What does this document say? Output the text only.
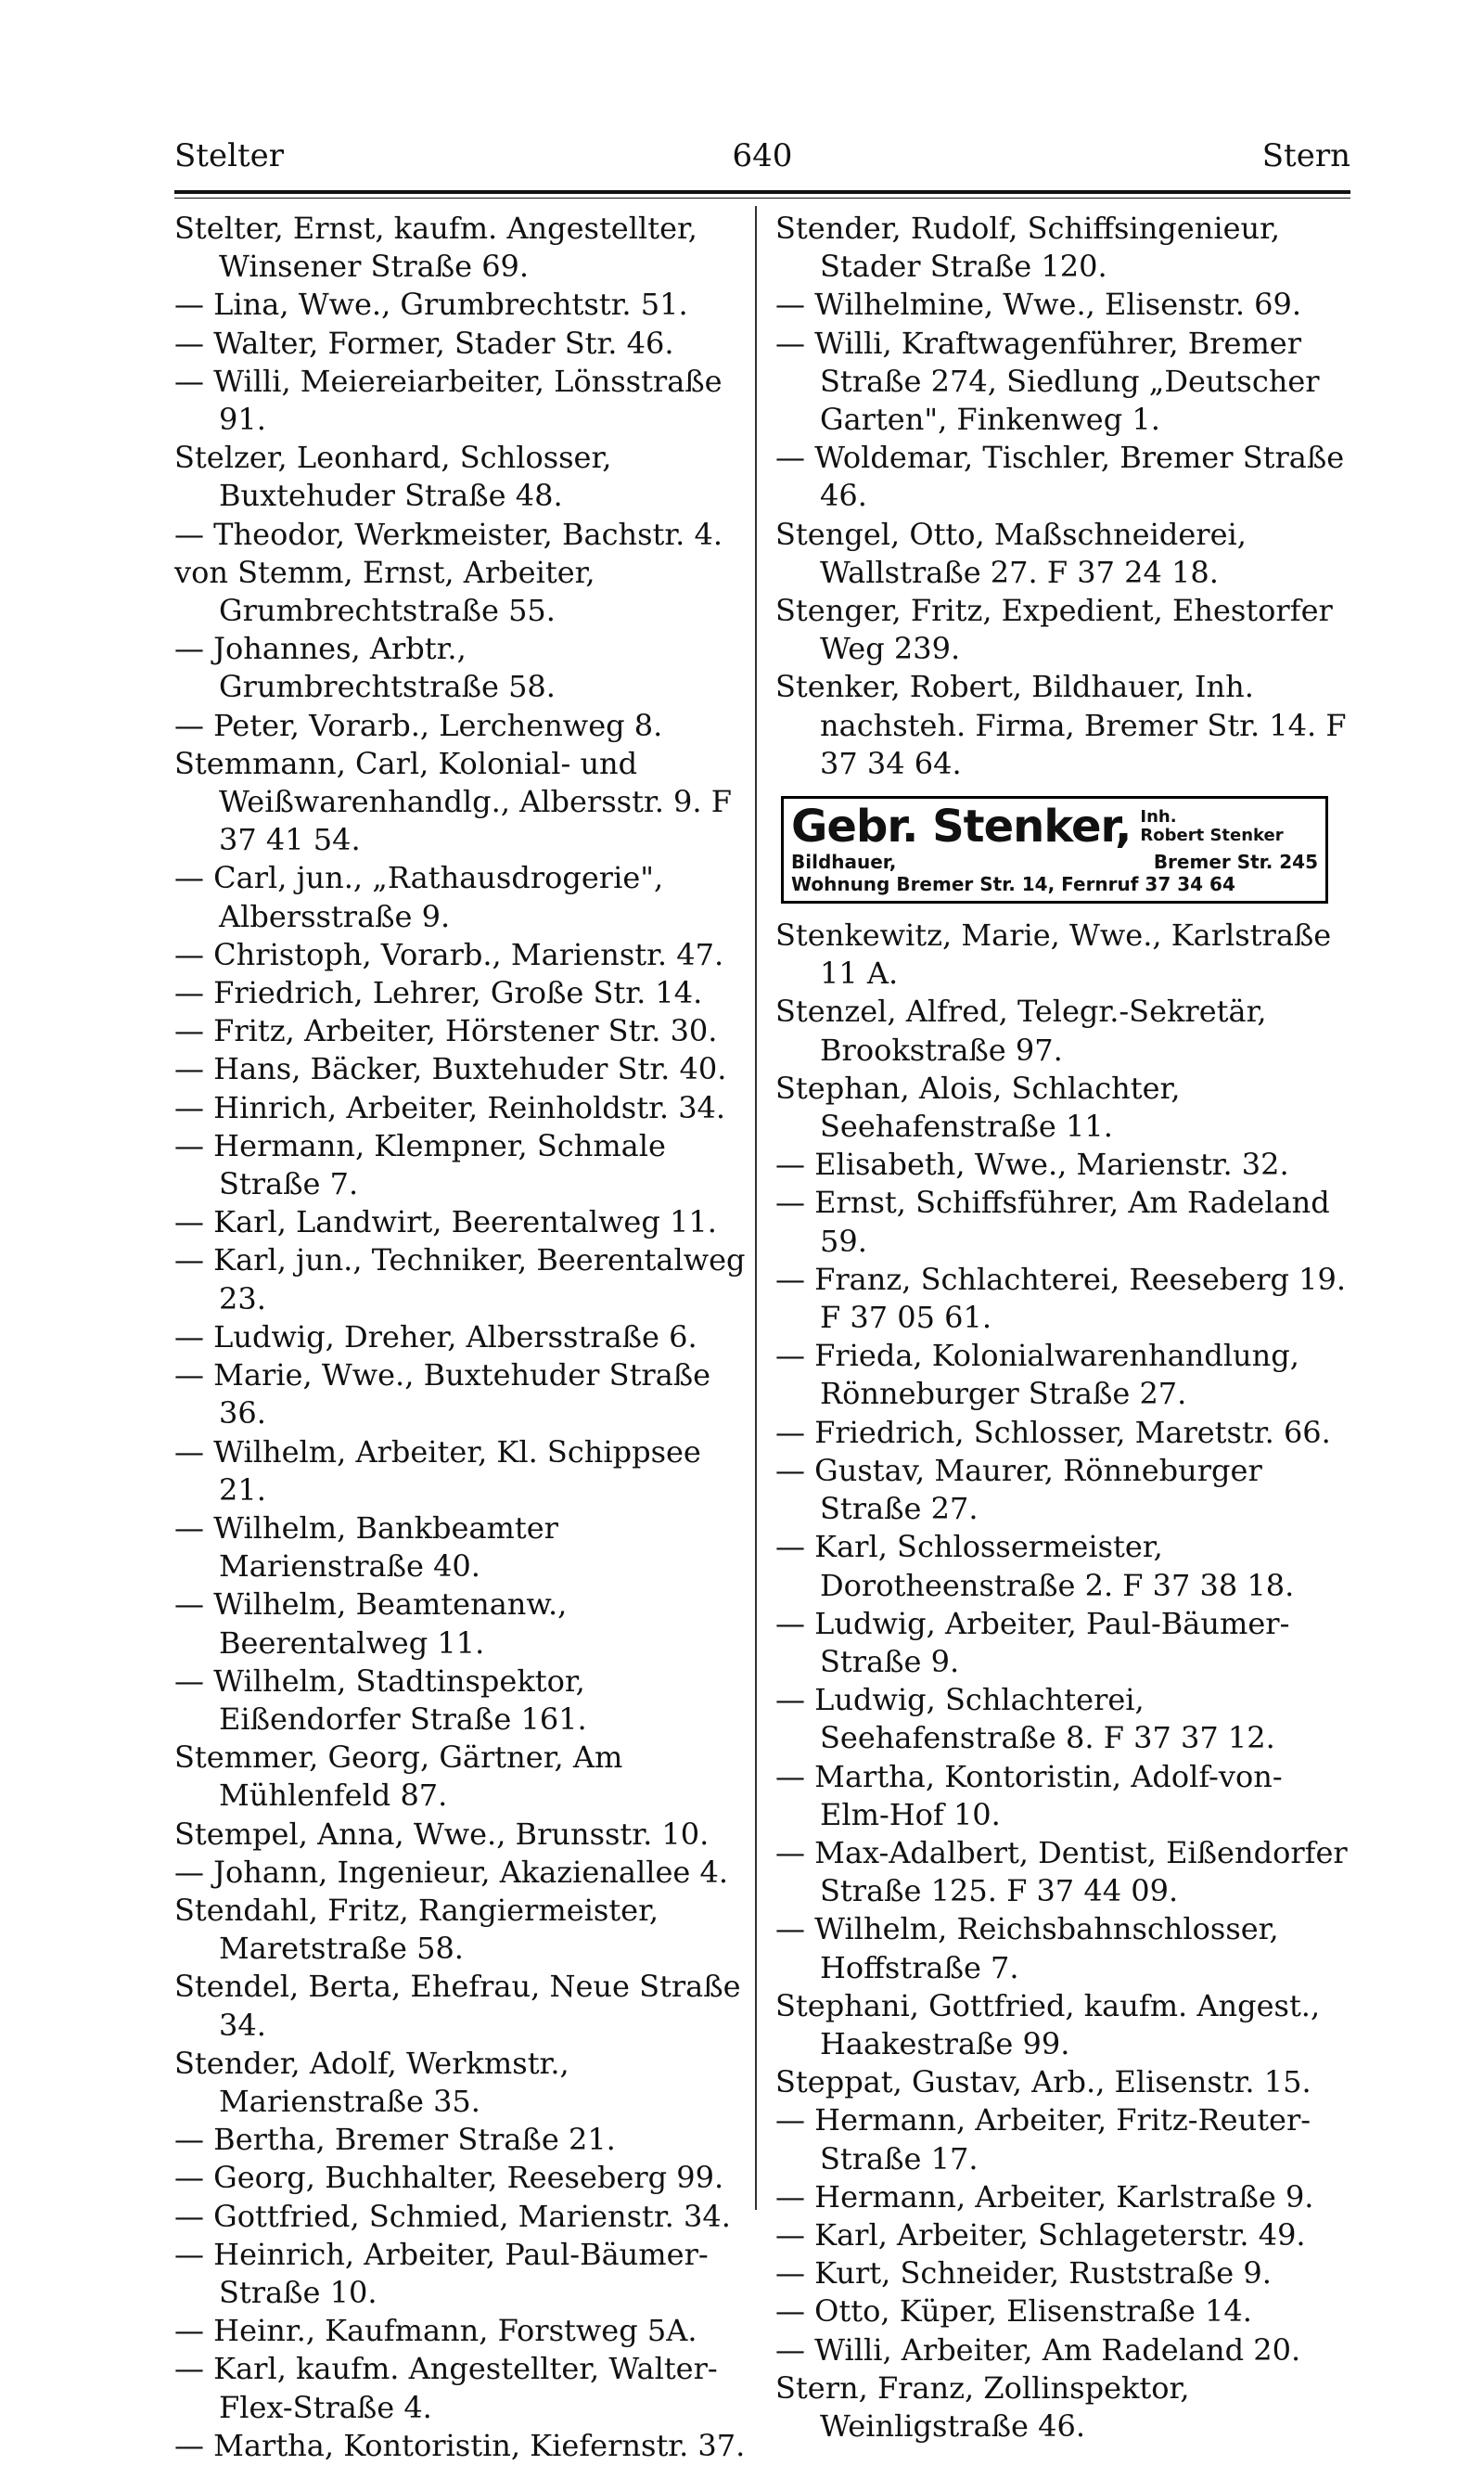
Stelter	640	Stern

Stelter, Ernst, kaufm. Angestellter, Winsener Straße 69.

— Lina, Wwe., Grumbrechtstr. 51.

— Walter, Former, Stader Str. 46.

— Willi, Meiereiarbeiter, Lönsstraße 91.

Stelzer, Leonhard, Schlosser, Buxtehuder Straße 48.

— Theodor, Werkmeister, Bachstr. 4.

von Stemm, Ernst, Arbeiter, Grumbrechtstraße 55.

— Johannes, Arbtr., Grumbrechtstraße 58.

— Peter, Vorarb., Lerchenweg 8.

Stemmann, Carl, Kolonial- und Weißwarenhandlg., Albersstr. 9. F 37 41 54.

— Carl, jun., „Rathausdrogerie", Albersstraße 9.

— Christoph, Vorarb., Marienstr. 47.

— Friedrich, Lehrer, Große Str. 14.

— Fritz, Arbeiter, Hörstener Str. 30.

— Hans, Bäcker, Buxtehuder Str. 40.

— Hinrich, Arbeiter, Reinholdstr. 34.

— Hermann, Klempner, Schmale Straße 7.

— Karl, Landwirt, Beerentalweg 11.

— Karl, jun., Techniker, Beerentalweg 23.

— Ludwig, Dreher, Albersstraße 6.

— Marie, Wwe., Buxtehuder Straße 36.

— Wilhelm, Arbeiter, Kl. Schippsee 21.

— Wilhelm, Bankbeamter Marienstraße 40.

— Wilhelm, Beamtenanw., Beerentalweg 11.

— Wilhelm, Stadtinspektor, Eißendorfer Straße 161.

Stemmer, Georg, Gärtner, Am Mühlenfeld 87.

Stempel, Anna, Wwe., Brunsstr. 10.

— Johann, Ingenieur, Akazienallee 4.

Stendahl, Fritz, Rangiermeister, Maretstraße 58.

Stendel, Berta, Ehefrau, Neue Straße 34.

Stender, Adolf, Werkmstr., Marienstraße 35.

— Bertha, Bremer Straße 21.

— Georg, Buchhalter, Reeseberg 99.

— Gottfried, Schmied, Marienstr. 34.

— Heinrich, Arbeiter, Paul-Bäumer-Straße 10.

— Heinr., Kaufmann, Forstweg 5A.

— Karl, kaufm. Angestellter, Walter-Flex-Straße 4.

— Martha, Kontoristin, Kiefernstr. 37.

Stender, Rudolf, Schiffsingenieur, Stader Straße 120.

— Wilhelmine, Wwe., Elisenstr. 69.

— Willi, Kraftwagenführer, Bremer Straße 274, Siedlung „Deutscher Garten", Finkenweg 1.

— Woldemar, Tischler, Bremer Straße 46.

Stengel, Otto, Maßschneiderei, Wallstraße 27. F 37 24 18.

Stenger, Fritz, Expedient, Ehestorfer Weg 239.

Stenker, Robert, Bildhauer, Inh. nachsteh. Firma, Bremer Str. 14. F 37 34 64.

Gebr. Stenker, Inh.
Robert Stenker
Bildhauer,	Bremer Str. 245
Wohnung Bremer Str. 14, Fernruf 37 34 64

Stenkewitz, Marie, Wwe., Karlstraße 11 A.

Stenzel, Alfred, Telegr.-Sekretär, Brookstraße 97.

Stephan, Alois, Schlachter, Seehafenstraße 11.

— Elisabeth, Wwe., Marienstr. 32.

— Ernst, Schiffsführer, Am Radeland 59.

— Franz, Schlachterei, Reeseberg 19. F 37 05 61.

— Frieda, Kolonialwarenhandlung, Rönneburger Straße 27.

— Friedrich, Schlosser, Maretstr. 66.

— Gustav, Maurer, Rönneburger Straße 27.

— Karl, Schlossermeister, Dorotheenstraße 2. F 37 38 18.

— Ludwig, Arbeiter, Paul-Bäumer-Straße 9.

— Ludwig, Schlachterei, Seehafenstraße 8. F 37 37 12.

— Martha, Kontoristin, Adolf-von-Elm-Hof 10.

— Max-Adalbert, Dentist, Eißendorfer Straße 125. F 37 44 09.

— Wilhelm, Reichsbahnschlosser, Hoffstraße 7.

Stephani, Gottfried, kaufm. Angest., Haakestraße 99.

Steppat, Gustav, Arb., Elisenstr. 15.

— Hermann, Arbeiter, Fritz-Reuter-Straße 17.

— Hermann, Arbeiter, Karlstraße 9.

— Karl, Arbeiter, Schlageterstr. 49.

— Kurt, Schneider, Ruststraße 9.

— Otto, Küper, Elisenstraße 14.

— Willi, Arbeiter, Am Radeland 20.

Stern, Franz, Zollinspektor, Weinligstraße 46.
